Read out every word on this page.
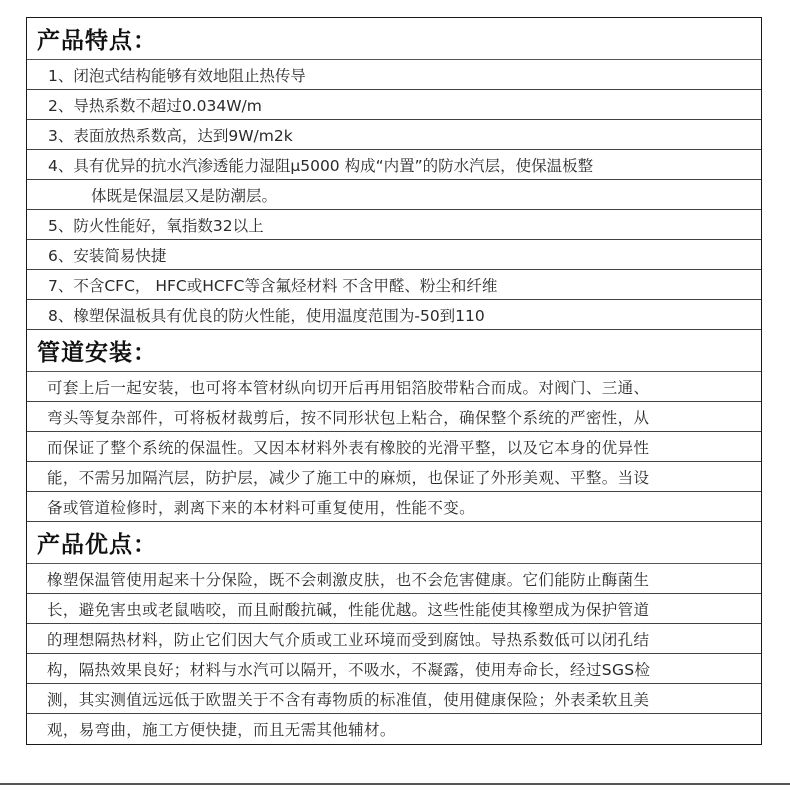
产品特点：
1、闭泡式结构能够有效地阻止热传导
2、导热系数不超过0.034W/m
3、表面放热系数高，达到9W/m2k
4、具有优异的抗水汽渗透能力湿阻μ5000 构成“内置”的防水汽层，使保温板整
体既是保温层又是防潮层。
5、防火性能好，氧指数32以上
6、安装简易快捷
7、不含CFC， HFC或HCFC等含氟烃材料 不含甲醛、粉尘和纤维
8、橡塑保温板具有优良的防火性能，使用温度范围为-50到110
管道安装：
可套上后一起安装，也可将本管材纵向切开后再用铝箔胶带粘合而成。对阀门、三通、
弯头等复杂部件，可将板材裁剪后，按不同形状包上粘合，确保整个系统的严密性，从
而保证了整个系统的保温性。又因本材料外表有橡胶的光滑平整，以及它本身的优异性
能，不需另加隔汽层，防护层，减少了施工中的麻烦，也保证了外形美观、平整。当设
备或管道检修时，剥离下来的本材料可重复使用，性能不变。
产品优点：
橡塑保温管使用起来十分保险，既不会刺激皮肤，也不会危害健康。它们能防止酶菌生
长，避免害虫或老鼠啮咬，而且耐酸抗碱，性能优越。这些性能使其橡塑成为保护管道
的理想隔热材料，防止它们因大气介质或工业环境而受到腐蚀。导热系数低可以闭孔结
构，隔热效果良好；材料与水汽可以隔开，不吸水，不凝露，使用寿命长，经过SGS检
测，其实测值远远低于欧盟关于不含有毒物质的标准值，使用健康保险；外表柔软且美
观，易弯曲，施工方便快捷，而且无需其他辅材。
